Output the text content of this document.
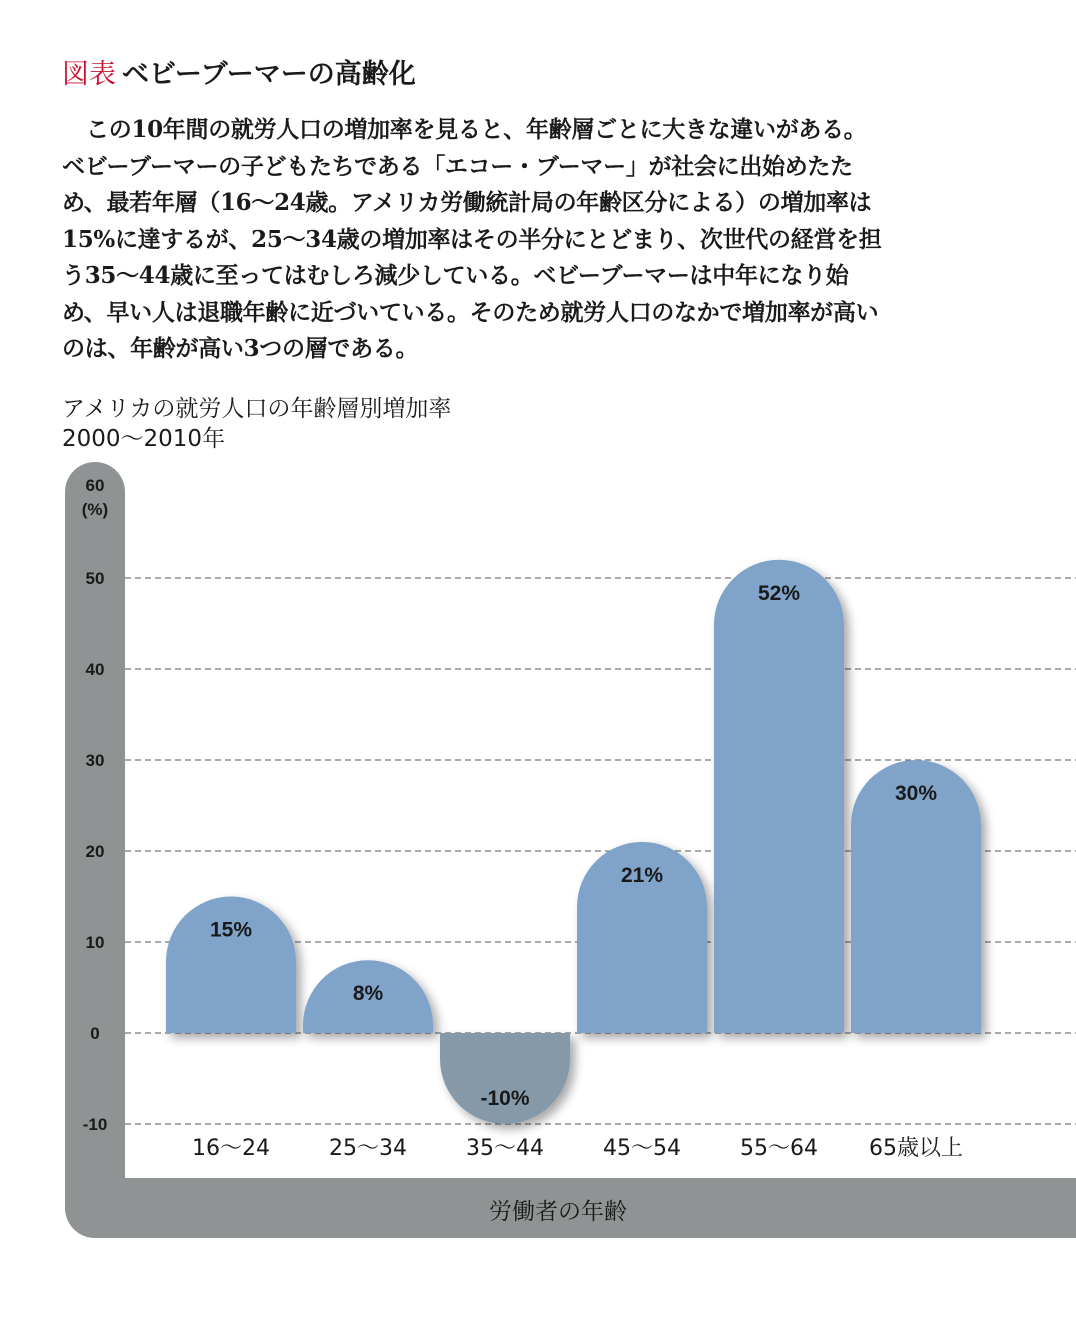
図表 ベビーブーマーの高齢化

この10年間の就労人口の増加率を見ると、年齢層ごとに大きな違いがある。ベビーブーマーの子どもたちである「エコー・ブーマー」が社会に出始めたため、最若年層（16〜24歳。アメリカ労働統計局の年齢区分による）の増加率は15%に達するが、25〜34歳の増加率はその半分にとどまり、次世代の経営を担う35〜44歳に至ってはむしろ減少している。ベビーブーマーは中年になり始め、早い人は退職年齢に近づいている。そのため就労人口のなかで増加率が高いのは、年齢が高い3つの層である。

アメリカの就労人口の年齢層別増加率
2000〜2010年
-10
0
10
20
30
40
50
60
(%)
15%
8%
-10%
21%
52%
30%
16〜24	25〜34	35〜44	45〜54	55〜64 65歳以上
労働者の年齢
